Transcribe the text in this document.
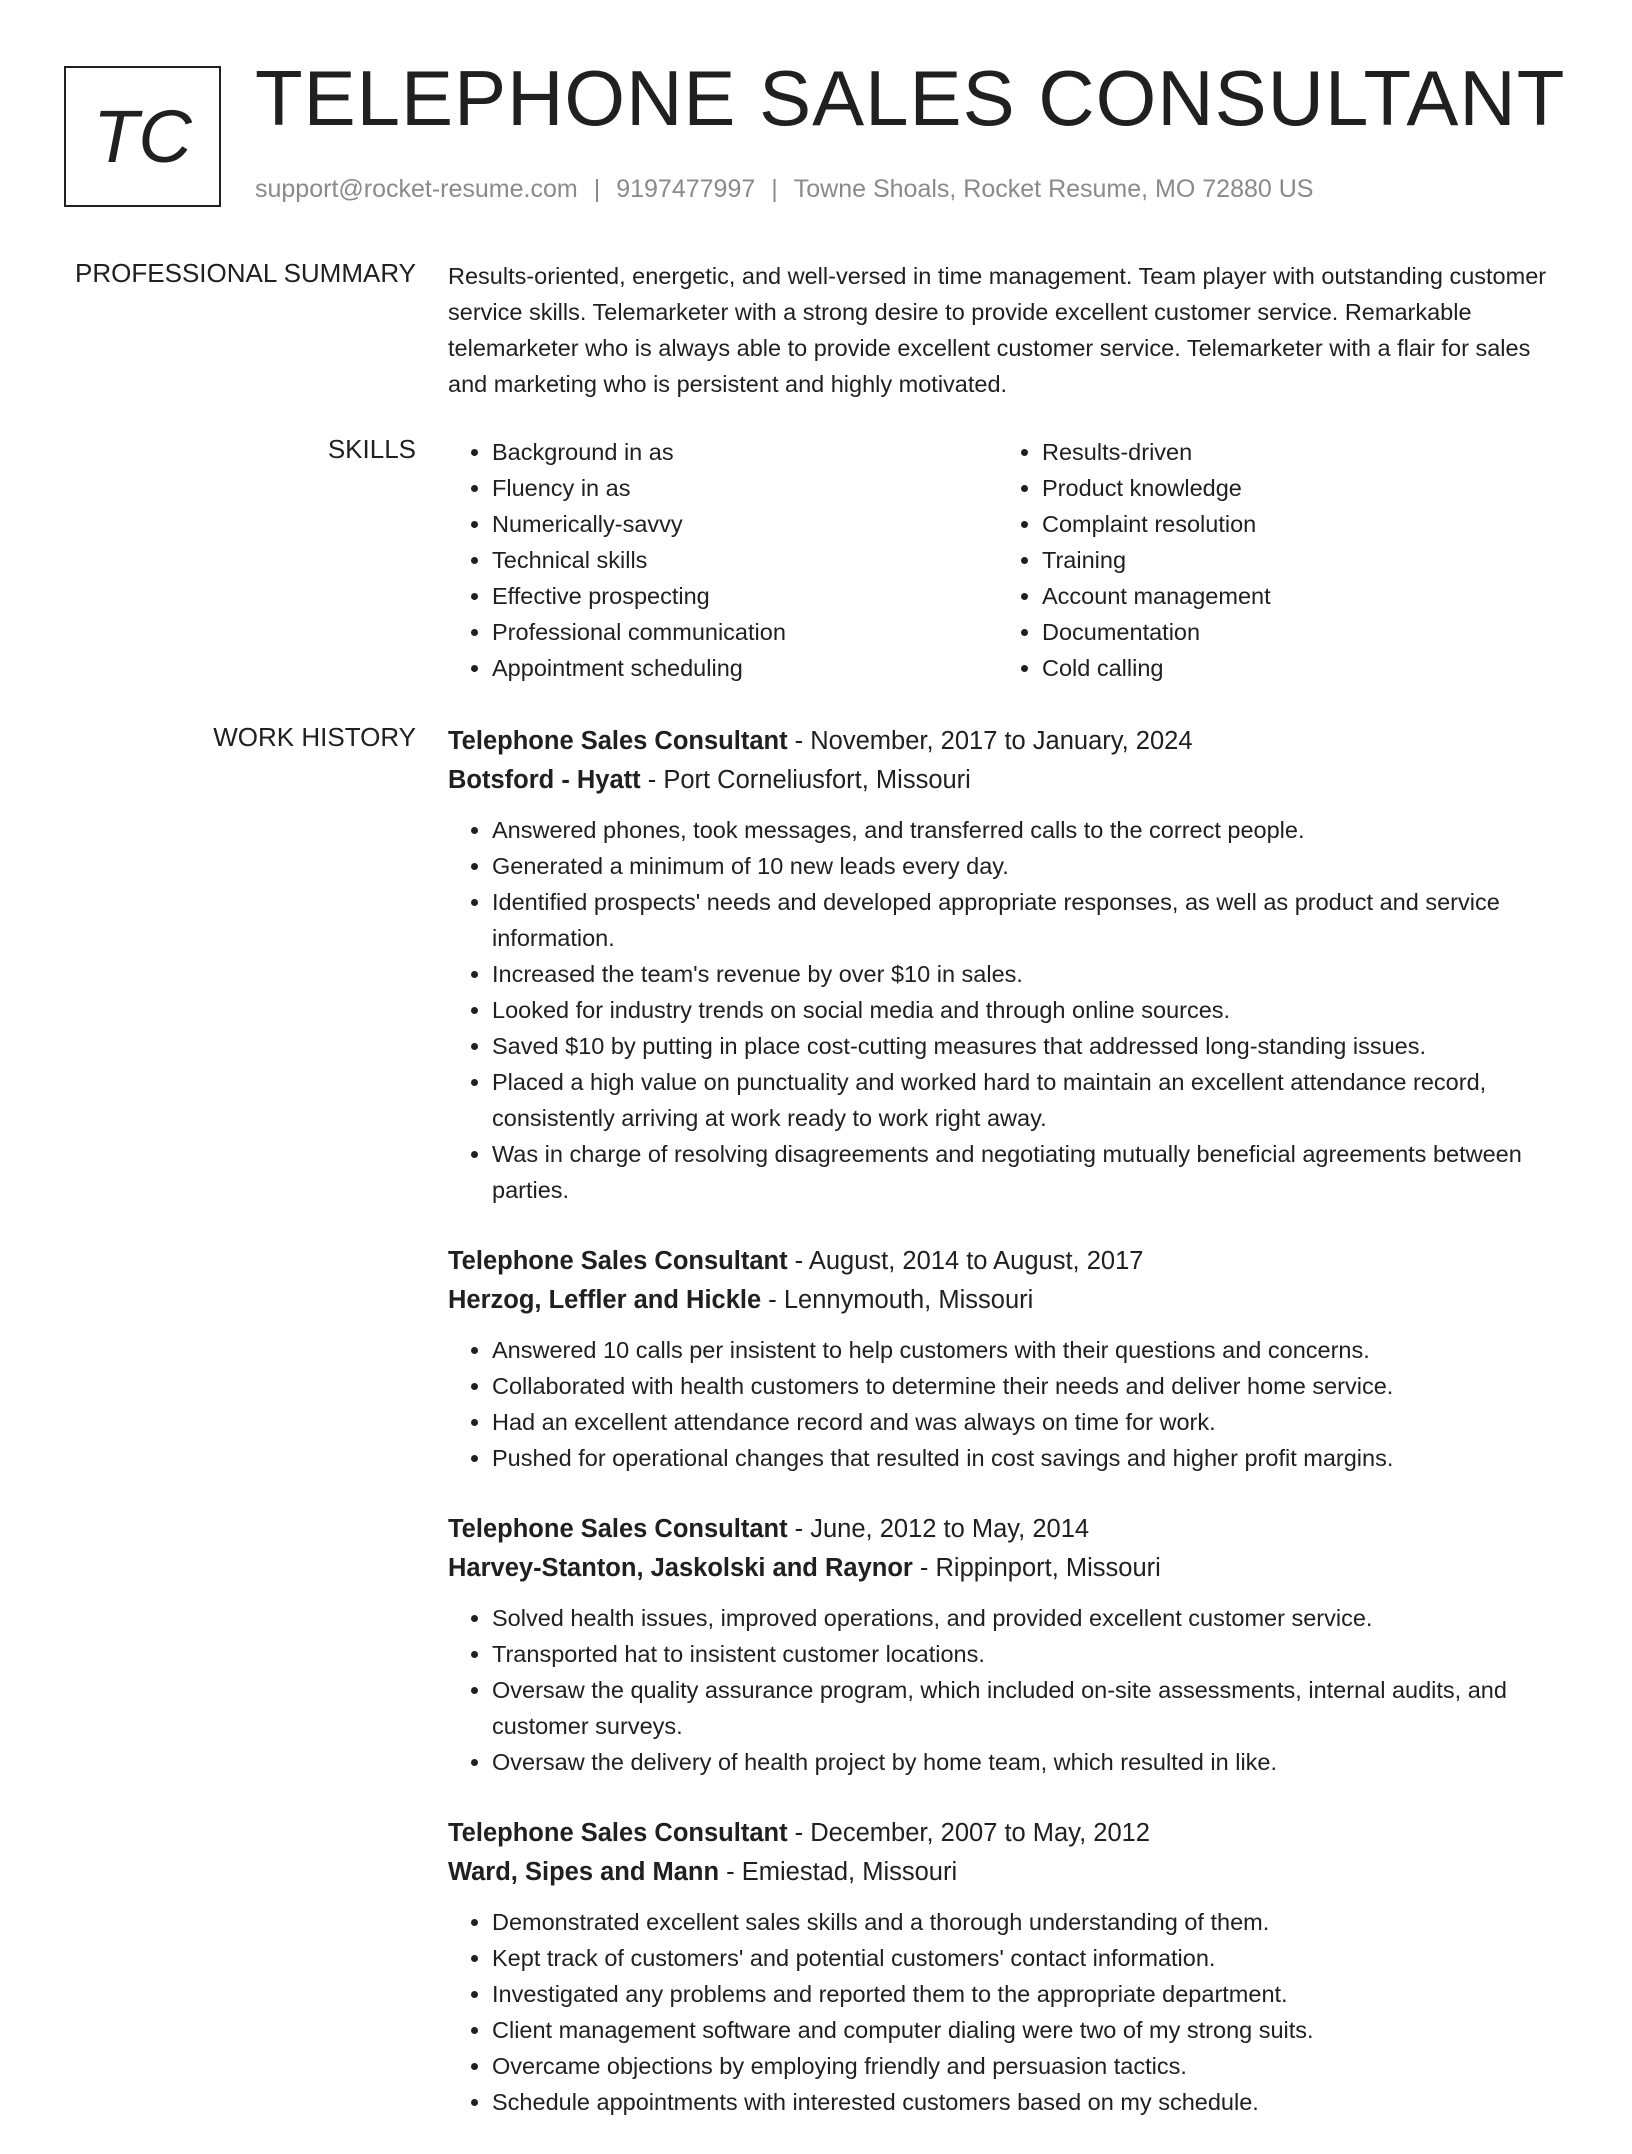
TC TELEPHONE SALES CONSULTANT
support@rocket-resume.com | 9197477997 | Towne Shoals, Rocket Resume, MO 72880 US
PROFESSIONAL SUMMARY Results-oriented, energetic, and well-versed in time management. Team player with outstanding customer service skills. Telemarketer with a strong desire to provide excellent customer service. Remarkable telemarketer who is always able to provide excellent customer service. Telemarketer with a flair for sales and marketing who is persistent and highly motivated.

SKILLS
•	Background in as
• Fluency in as
• Numerically-savvy
• Technical skills
• Effective prospecting
• Professional communication
• Appointment scheduling
• Results-driven
• Product knowledge
• Complaint resolution
• Training
• Account management
• Documentation
• Cold calling
WORK HISTORY Telephone Sales Consultant - November, 2017 to January, 2024
Botsford - Hyatt - Port Corneliusfort, Missouri
• Answered phones, took messages, and transferred calls to the correct people.
• Generated a minimum of 10 new leads every day.
• Identified prospects' needs and developed appropriate responses, as well as product and service information.
• Increased the team's revenue by over $10 in sales.
• Looked for industry trends on social media and through online sources.
• Saved $10 by putting in place cost-cutting measures that addressed long-standing issues.
• Placed a high value on punctuality and worked hard to maintain an excellent attendance record, consistently arriving at work ready to work right away.
• Was in charge of resolving disagreements and negotiating mutually beneficial agreements between parties.
Telephone Sales Consultant - August, 2014 to August, 2017
Herzog, Leffler and Hickle - Lennymouth, Missouri
• Answered 10 calls per insistent to help customers with their questions and concerns.
• Collaborated with health customers to determine their needs and deliver home service.
• Had an excellent attendance record and was always on time for work.
• Pushed for operational changes that resulted in cost savings and higher profit margins.
Telephone Sales Consultant - June, 2012 to May, 2014
Harvey-Stanton, Jaskolski and Raynor - Rippinport, Missouri
• Solved health issues, improved operations, and provided excellent customer service.
• Transported hat to insistent customer locations.
• Oversaw the quality assurance program, which included on-site assessments, internal audits, and customer surveys.
• Oversaw the delivery of health project by home team, which resulted in like.
Telephone Sales Consultant - December, 2007 to May, 2012
Ward, Sipes and Mann - Emiestad, Missouri
• Demonstrated excellent sales skills and a thorough understanding of them.
• Kept track of customers' and potential customers' contact information.
• Investigated any problems and reported them to the appropriate department.
• Client management software and computer dialing were two of my strong suits.
• Overcame objections by employing friendly and persuasion tactics.
• Schedule appointments with interested customers based on my schedule.
